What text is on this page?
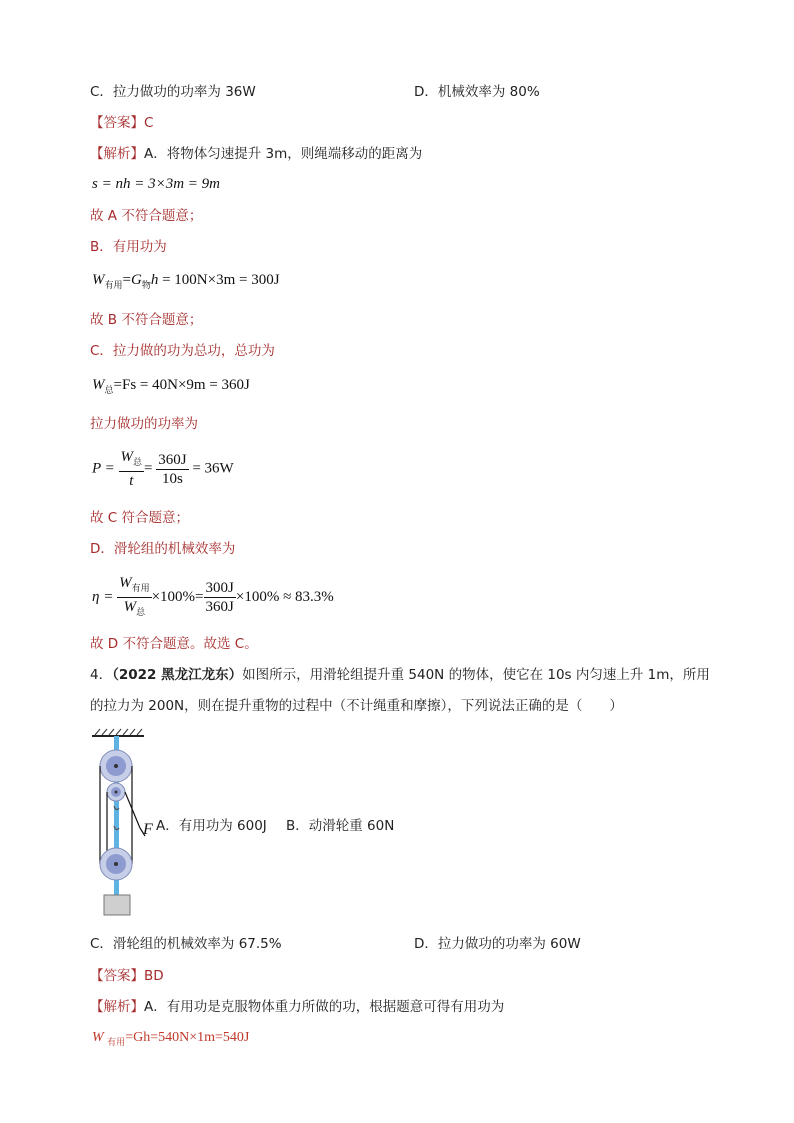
C．拉力做功的功率为 36W	D．机械效率为 80%
【答案】C
【解析】A．将物体匀速提升 3m，则绳端移动的距离为
s = nh = 3×3m = 9m
故 A 不符合题意；
B．有用功为
$W_{有用}=G_物h = 100N\times 3m = 300J$
故 B 不符合题意；
C．拉力做的功为总功，总功为
$W_总=Fs = 40N\times 9m = 360J$
拉力做功的功率为
$P = \frac{W_总}{t} = \frac{360J}{10s} = 36W$
故 C 符合题意；
D．滑轮组的机械效率为
$\eta = \frac{W_{有用}}{W_总} \times 100\%= \frac{300J}{360J} \times 100\% \approx 83.3\%$
故 D 不符合题意。故选 C。
4．（2022 黑龙江龙东）如图所示，用滑轮组提升重 540N 的物体，使它在 10s 内匀速上升 1m，所用
的拉力为 200N，则在提升重物的过程中（不计绳重和摩擦），下列说法正确的是（　　）
F A．有用功为 600J B．动滑轮重 60N
C．滑轮组的机械效率为 67.5%	D．拉力做功的功率为 60W
【答案】BD
【解析】A．有用功是克服物体重力所做的功，根据题意可得有用功为
W $_{有用}$=Gh=540N×1m=540J
